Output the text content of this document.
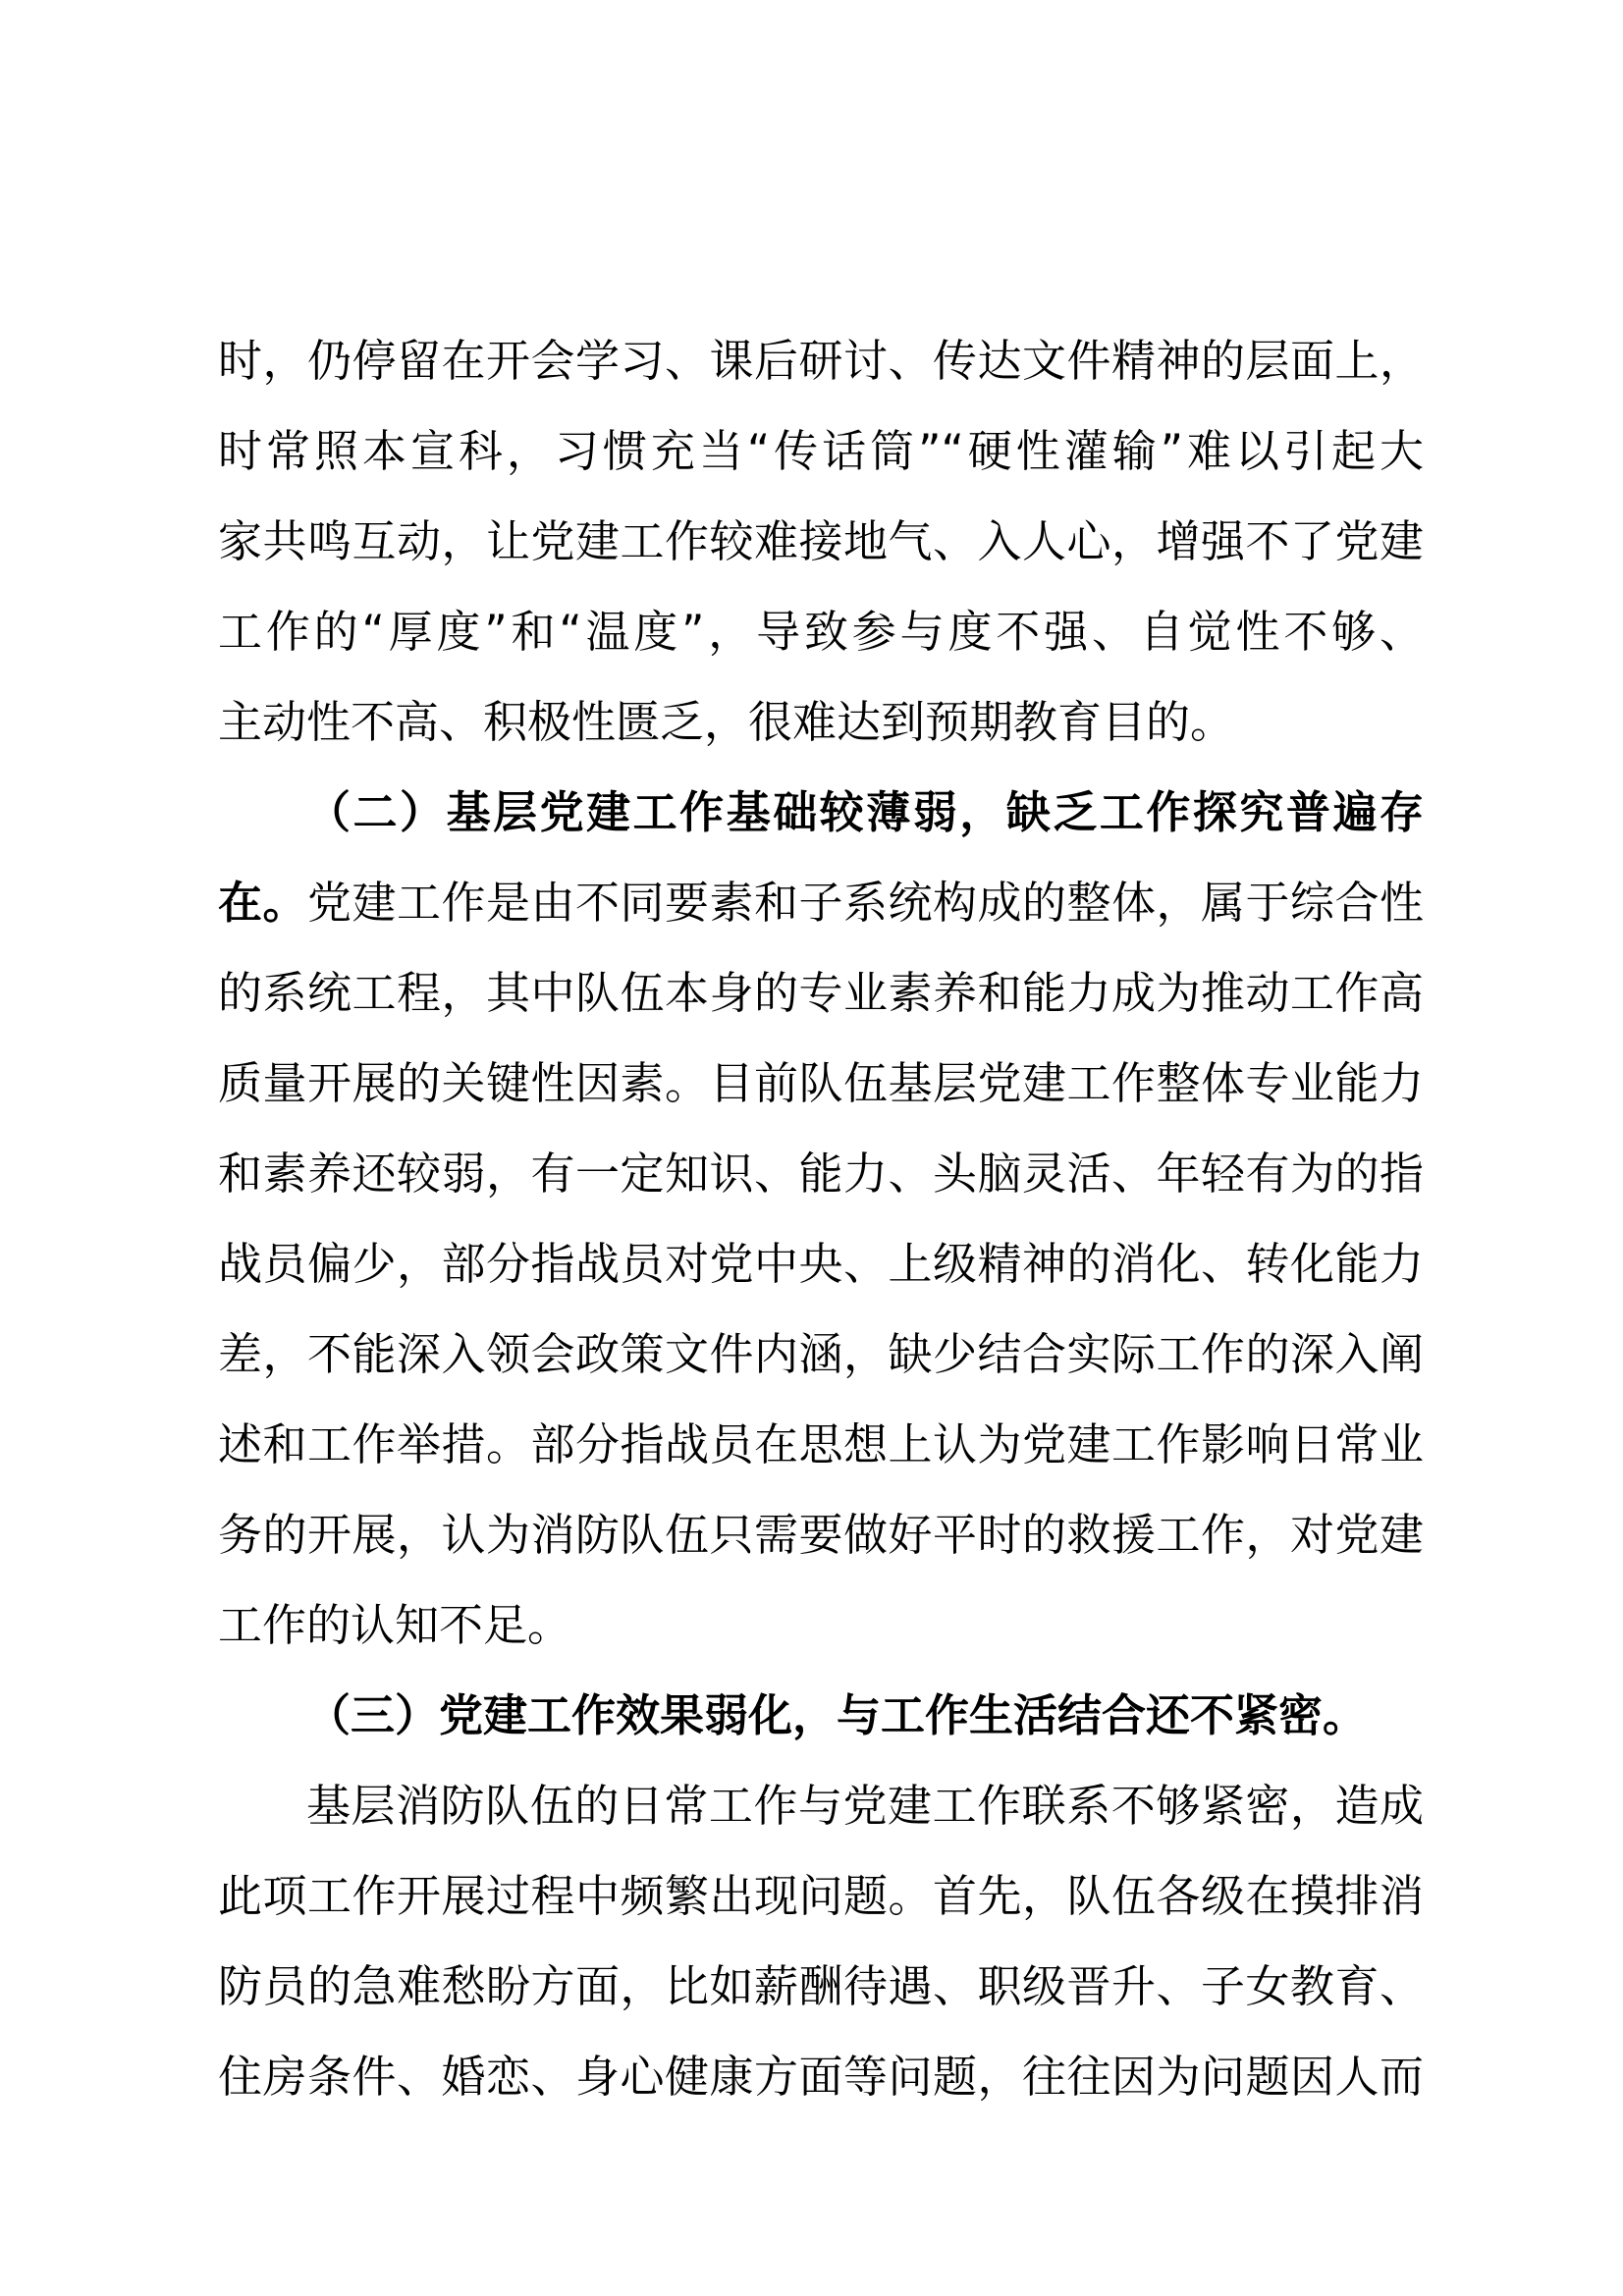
时，仍停留在开会学习、课后研讨、传达文件精神的层面上，
时常照本宣科，习惯充当“传话筒”“硬性灌输”难以引起大
家共鸣互动，让党建工作较难接地气、入人心，增强不了党建
工作的“厚度”和“温度”，导致参与度不强、自觉性不够、
主动性不高、积极性匮乏，很难达到预期教育目的。
（二）基层党建工作基础较薄弱，缺乏工作探究普遍存
在。党建工作是由不同要素和子系统构成的整体，属于综合性
的系统工程，其中队伍本身的专业素养和能力成为推动工作高
质量开展的关键性因素。目前队伍基层党建工作整体专业能力
和素养还较弱，有一定知识、能力、头脑灵活、年轻有为的指
战员偏少，部分指战员对党中央、上级精神的消化、转化能力
差，不能深入领会政策文件内涵，缺少结合实际工作的深入阐
述和工作举措。部分指战员在思想上认为党建工作影响日常业
务的开展，认为消防队伍只需要做好平时的救援工作，对党建
工作的认知不足。
（三）党建工作效果弱化，与工作生活结合还不紧密。
基层消防队伍的日常工作与党建工作联系不够紧密，造成
此项工作开展过程中频繁出现问题。首先，队伍各级在摸排消
防员的急难愁盼方面，比如薪酬待遇、职级晋升、子女教育、
住房条件、婚恋、身心健康方面等问题，往往因为问题因人而
